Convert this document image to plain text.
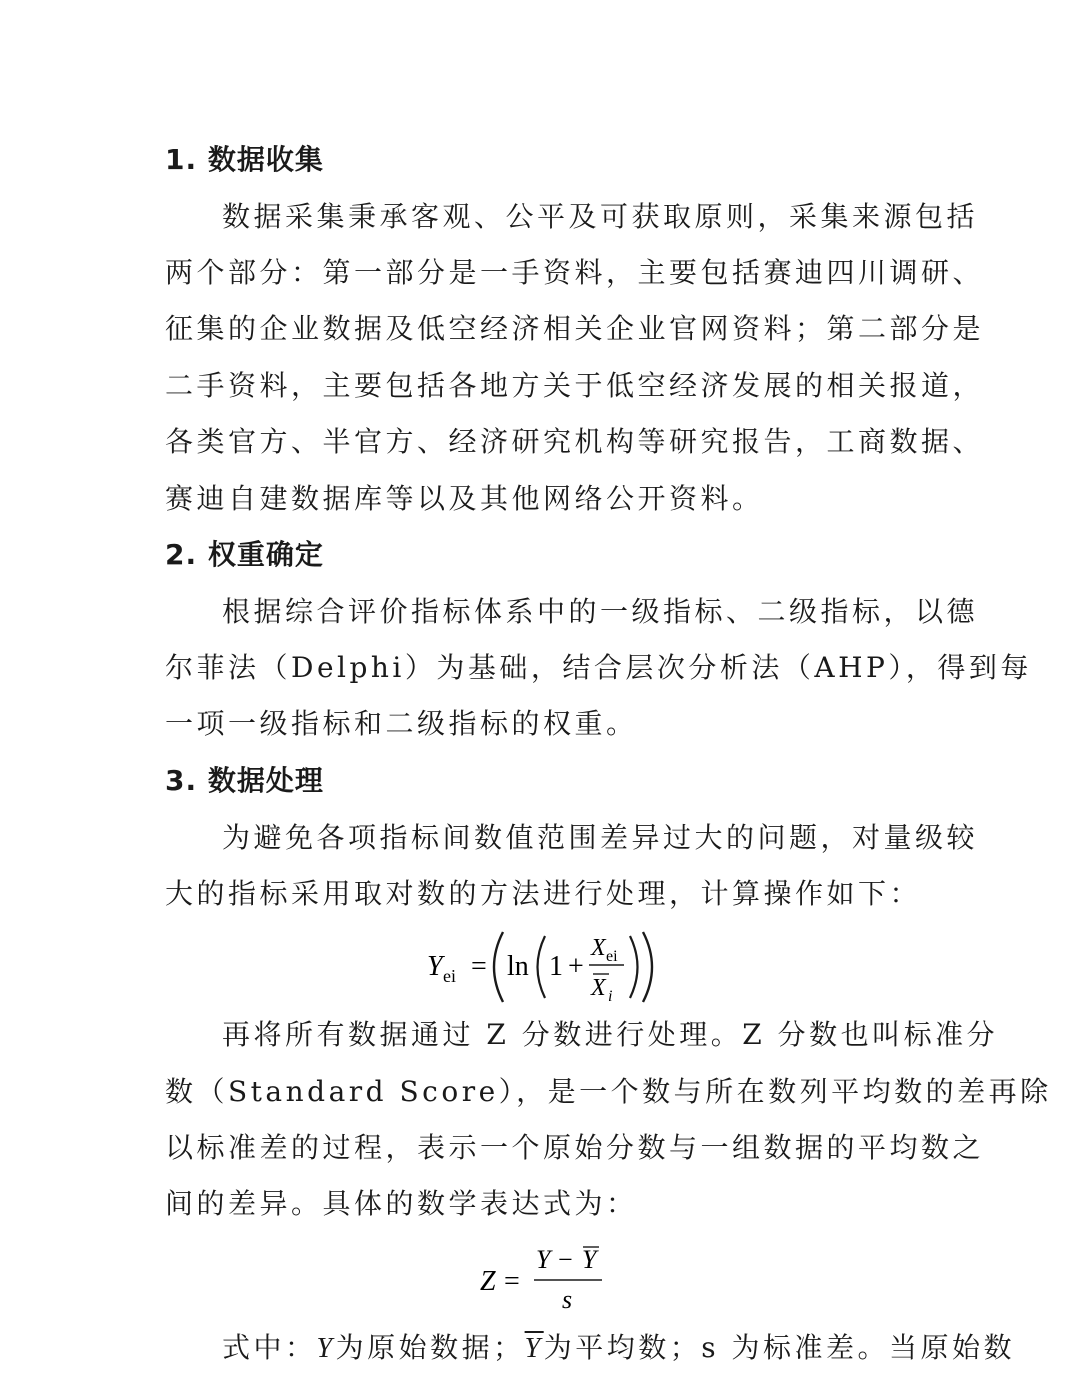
1. 数据收集
数据采集秉承客观、公平及可获取原则，采集来源包括
两个部分：第一部分是一手资料，主要包括赛迪四川调研、
征集的企业数据及低空经济相关企业官网资料；第二部分是
二手资料，主要包括各地方关于低空经济发展的相关报道，
各类官方、半官方、经济研究机构等研究报告，工商数据、
赛迪自建数据库等以及其他网络公开资料。
2. 权重确定
根据综合评价指标体系中的一级指标、二级指标，以德
尔菲法（Delphi）为基础，结合层次分析法（AHP），得到每
一项一级指标和二级指标的权重。
3. 数据处理
为避免各项指标间数值范围差异过大的问题，对量级较
大的指标采用取对数的方法进行处理，计算操作如下：
Y ei = ln 1 +
X ei
X i
再将所有数据通过 Z 分数进行处理。Z 分数也叫标准分
数（Standard Score），是一个数与所在数列平均数的差再除
以标准差的过程，表示一个原始分数与一组数据的平均数之
间的差异。具体的数学表达式为：
Z =
Y − Y
s
式中：Y为原始数据；$\overline{Y}$为平均数；s 为标准差。当原始数
